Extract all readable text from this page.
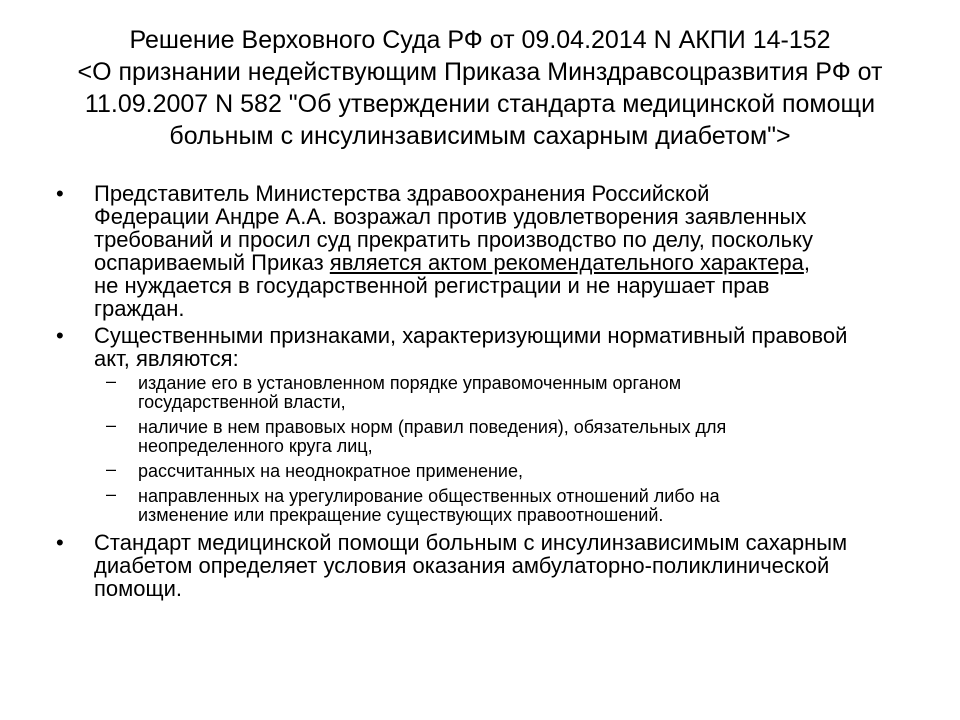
Решение Верховного Суда РФ от 09.04.2014 N АКПИ 14-152
<О признании недействующим Приказа Минздравсоцразвития РФ от
11.09.2007 N 582 "Об утверждении стандарта медицинской помощи
больным с инсулинзависимым сахарным диабетом">
• Представитель Министерства здравоохранения Российской
Федерации Андре А.А. возражал против удовлетворения заявленных
требований и просил суд прекратить производство по делу, поскольку
оспариваемый Приказ является актом рекомендательного характера,
не нуждается в государственной регистрации и не нарушает прав
граждан.
• Существенными признаками, характеризующими нормативный правовой
акт, являются:
– издание его в установленном порядке управомоченным органом
государственной власти,
– наличие в нем правовых норм (правил поведения), обязательных для
неопределенного круга лиц,
– рассчитанных на неоднократное применение,
– направленных на урегулирование общественных отношений либо на
изменение или прекращение существующих правоотношений.
• Стандарт медицинской помощи больным с инсулинзависимым сахарным
диабетом определяет условия оказания амбулаторно-поликлинической
помощи.
